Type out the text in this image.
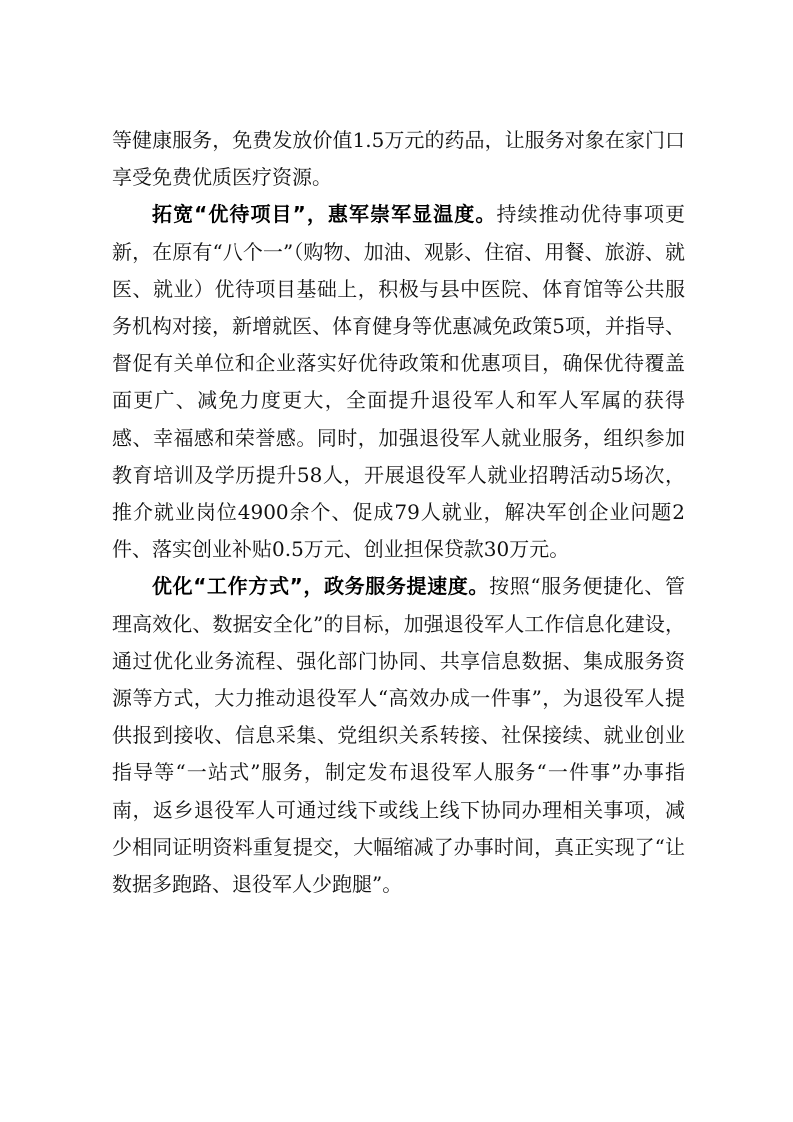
等健康服务，免费发放价值1.5万元的药品，让服务对象在家门口享受免费优质医疗资源。

拓宽“优待项目”，惠军崇军显温度。持续推动优待事项更新，在原有“八个一”（购物、加油、观影、住宿、用餐、旅游、就医、就业）优待项目基础上，积极与县中医院、体育馆等公共服务机构对接，新增就医、体育健身等优惠减免政策5项，并指导、督促有关单位和企业落实好优待政策和优惠项目，确保优待覆盖面更广、减免力度更大，全面提升退役军人和军人军属的获得感、幸福感和荣誉感。同时，加强退役军人就业服务，组织参加教育培训及学历提升58人，开展退役军人就业招聘活动5场次，推介就业岗位4900余个、促成79人就业，解决军创企业问题2件、落实创业补贴0.5万元、创业担保贷款30万元。

优化“工作方式”，政务服务提速度。按照“服务便捷化、管理高效化、数据安全化”的目标，加强退役军人工作信息化建设，通过优化业务流程、强化部门协同、共享信息数据、集成服务资源等方式，大力推动退役军人“高效办成一件事”，为退役军人提供报到接收、信息采集、党组织关系转接、社保接续、就业创业指导等“一站式”服务，制定发布退役军人服务“一件事”办事指南，返乡退役军人可通过线下或线上线下协同办理相关事项，减少相同证明资料重复提交，大幅缩减了办事时间，真正实现了“让数据多跑路、退役军人少跑腿”。
